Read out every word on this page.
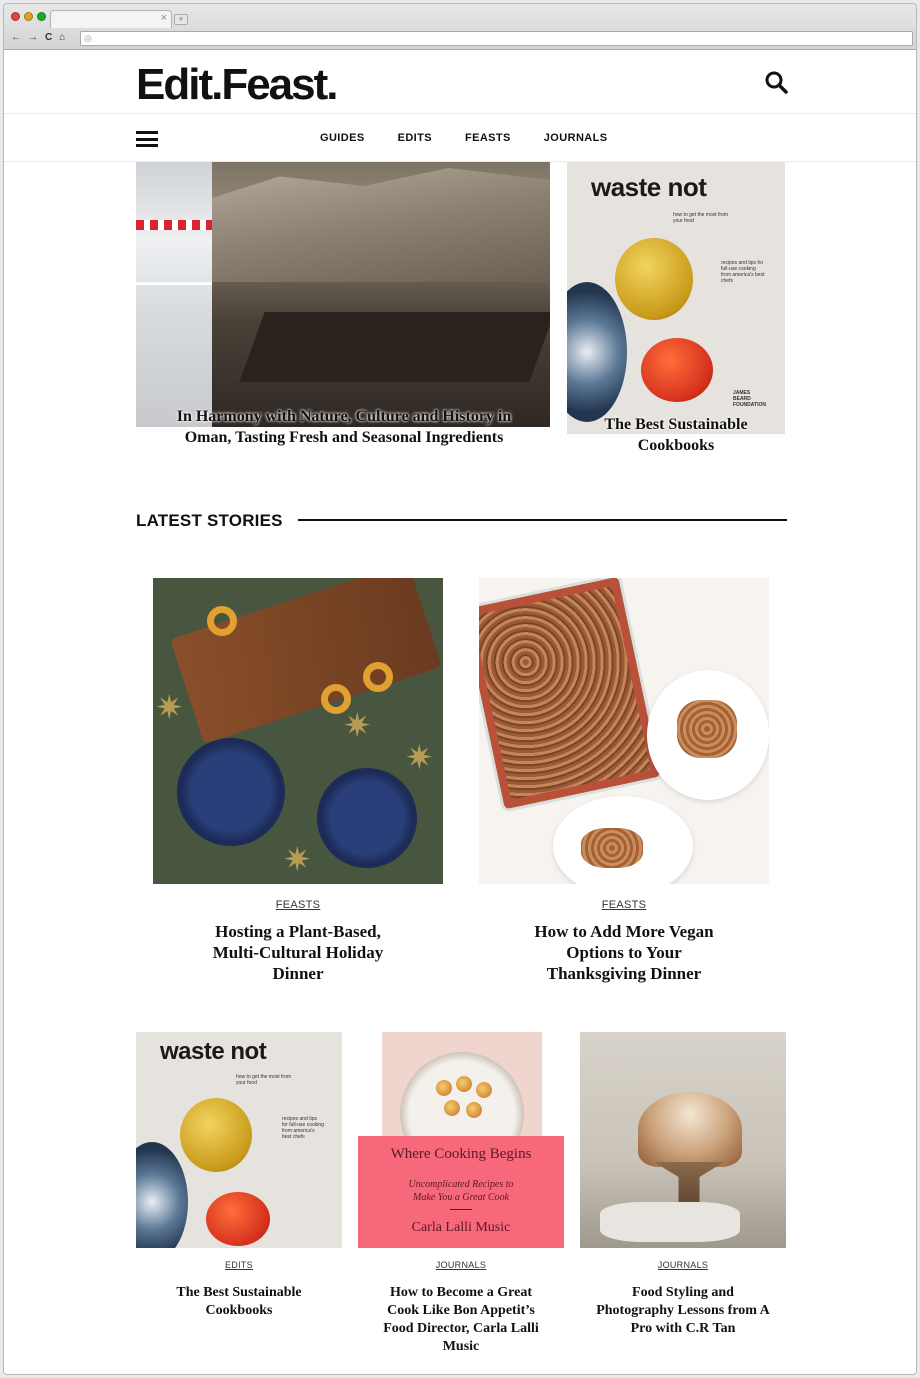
×	+
← → C ⌂ ◎
Edit.Feast.
GUIDES	EDITS	FEASTS	JOURNALS
In Harmony with Nature, Culture and History in Oman, Tasting Fresh and Seasonal Ingredients
waste not
how to get the most from your food
recipes and tips for full-use cooking from america's best chefs
JAMES BEARD FOUNDATION
The Best Sustainable Cookbooks
LATEST STORIES
✷	✷
✷
✷
FEASTS
Hosting a Plant-Based, Multi-Cultural Holiday Dinner
FEASTS
How to Add More Vegan Options to Your Thanksgiving Dinner
waste not
how to get the most from your food
recipes and tips for full-use cooking from america's best chefs
EDITS
The Best Sustainable Cookbooks
Where Cooking Begins
Uncomplicated Recipes to Make You a Great Cook
Carla Lalli Music
JOURNALS
How to Become a Great Cook Like Bon Appetit’s Food Director, Carla Lalli Music
JOURNALS
Food Styling and Photography Lessons from A Pro with C.R Tan
